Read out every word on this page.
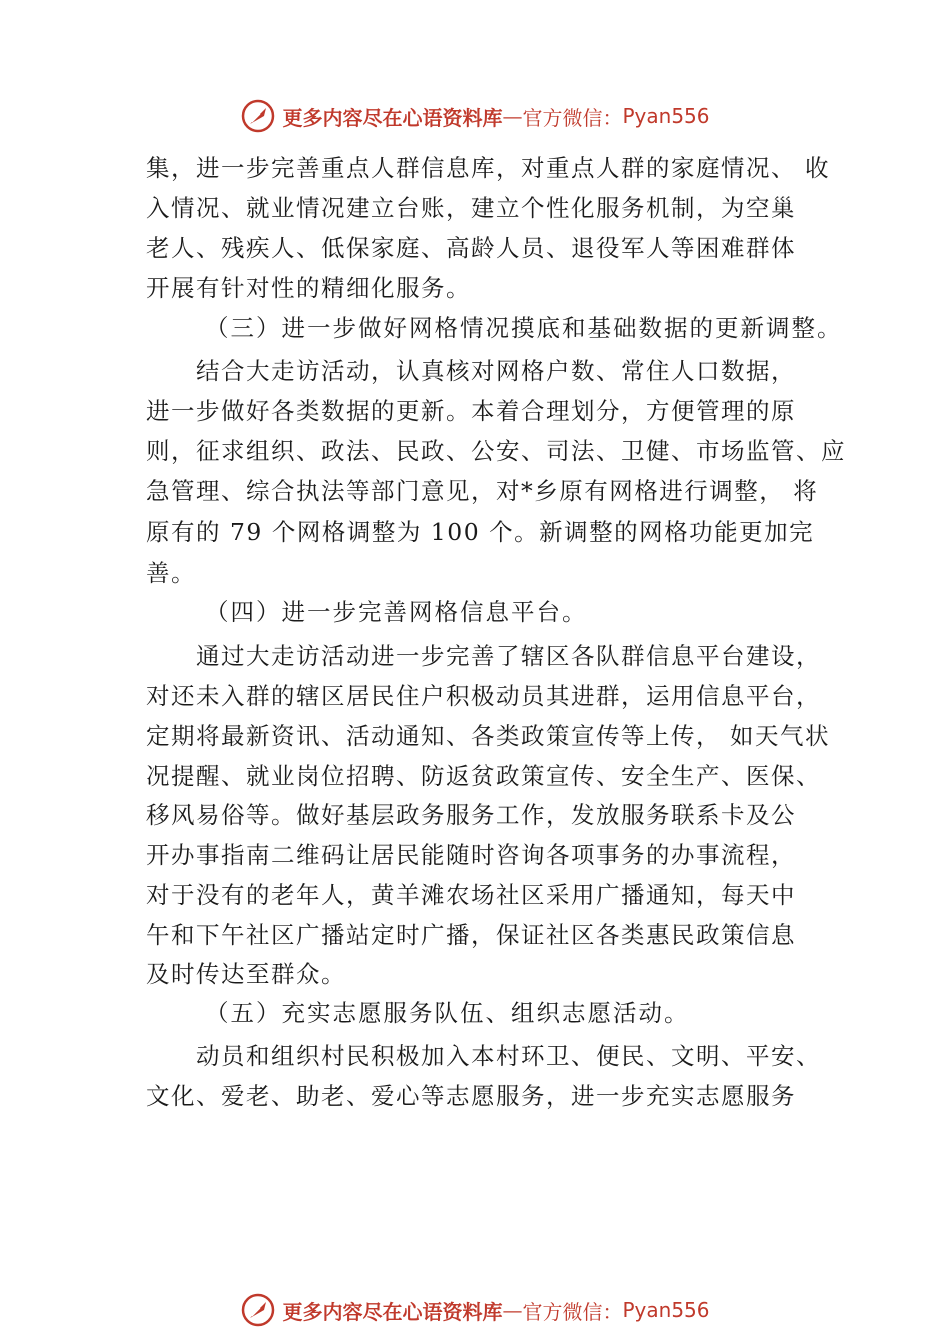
更多内容尽在心语资料库 — 官方微信： Pyan556

集，进一步完善重点人群信息库，对重点人群的家庭情况、 收

入情况、就业情况建立台账，建立个性化服务机制，为空巢

老人、残疾人、低保家庭、高龄人员、退役军人等困难群体

开展有针对性的精细化服务。

（三）进一步做好网格情况摸底和基础数据的更新调整。

结合大走访活动，认真核对网格户数、常住人口数据，

进一步做好各类数据的更新。本着合理划分，方便管理的原

则，征求组织、政法、民政、公安、司法、卫健、市场监管、应

急管理、综合执法等部门意见，对*乡原有网格进行调整， 将

原有的 79 个网格调整为 100 个。新调整的网格功能更加完

善。

（四）进一步完善网格信息平台。

通过大走访活动进一步完善了辖区各队群信息平台建设，

对还未入群的辖区居民住户积极动员其进群，运用信息平台，

定期将最新资讯、活动通知、各类政策宣传等上传， 如天气状

况提醒、就业岗位招聘、防返贫政策宣传、安全生产、医保、

移风易俗等。做好基层政务服务工作，发放服务联系卡及公

开办事指南二维码让居民能随时咨询各项事务的办事流程，

对于没有的老年人，黄羊滩农场社区采用广播通知，每天中

午和下午社区广播站定时广播，保证社区各类惠民政策信息

及时传达至群众。

（五）充实志愿服务队伍、组织志愿活动。

动员和组织村民积极加入本村环卫、便民、文明、平安、

文化、爱老、助老、爱心等志愿服务，进一步充实志愿服务

更多内容尽在心语资料库 — 官方微信： Pyan556
